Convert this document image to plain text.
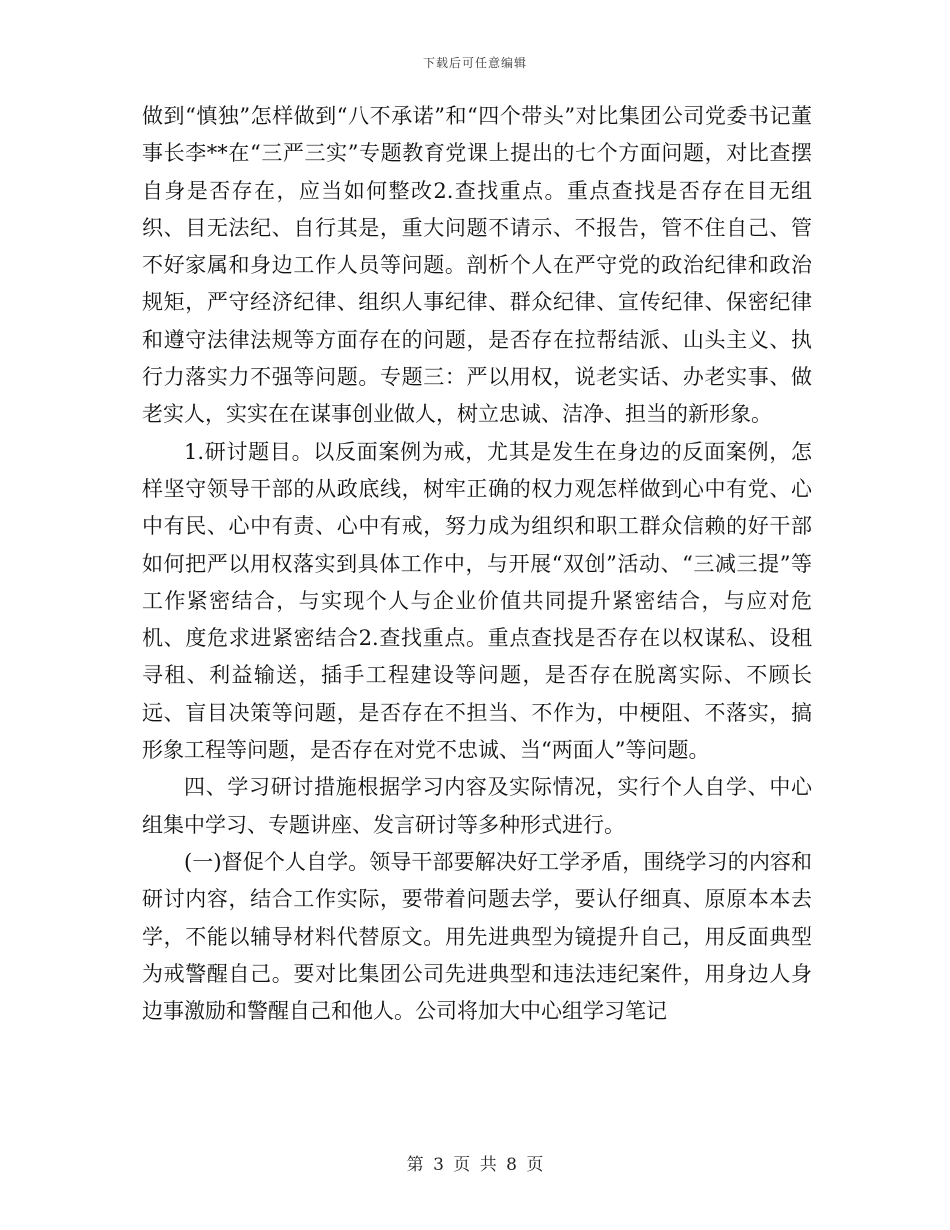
下载后可任意编辑

做到“慎独”怎样做到“八不承诺”和“四个带头”对比集团公司党委书记董事长李**在“三严三实”专题教育党课上提出的七个方面问题，对比查摆自身是否存在，应当如何整改2.查找重点。重点查找是否存在目无组织、目无法纪、自行其是，重大问题不请示、不报告，管不住自己、管不好家属和身边工作人员等问题。剖析个人在严守党的政治纪律和政治规矩，严守经济纪律、组织人事纪律、群众纪律、宣传纪律、保密纪律和遵守法律法规等方面存在的问题，是否存在拉帮结派、山头主义、执行力落实力不强等问题。专题三：严以用权，说老实话、办老实事、做老实人，实实在在谋事创业做人，树立忠诚、洁净、担当的新形象。

1.研讨题目。以反面案例为戒，尤其是发生在身边的反面案例，怎样坚守领导干部的从政底线，树牢正确的权力观怎样做到心中有党、心中有民、心中有责、心中有戒，努力成为组织和职工群众信赖的好干部如何把严以用权落实到具体工作中，与开展“双创”活动、“三减三提”等工作紧密结合，与实现个人与企业价值共同提升紧密结合，与应对危机、度危求进紧密结合2.查找重点。重点查找是否存在以权谋私、设租寻租、利益输送，插手工程建设等问题，是否存在脱离实际、不顾长远、盲目决策等问题，是否存在不担当、不作为，中梗阻、不落实，搞形象工程等问题，是否存在对党不忠诚、当“两面人”等问题。

四、学习研讨措施根据学习内容及实际情况，实行个人自学、中心组集中学习、专题讲座、发言研讨等多种形式进行。

(一)督促个人自学。领导干部要解决好工学矛盾，围绕学习的内容和研讨内容，结合工作实际，要带着问题去学，要认仔细真、原原本本去学，不能以辅导材料代替原文。用先进典型为镜提升自己，用反面典型为戒警醒自己。要对比集团公司先进典型和违法违纪案件，用身边人身边事激励和警醒自己和他人。公司将加大中心组学习笔记

第 3 页 共 8 页
